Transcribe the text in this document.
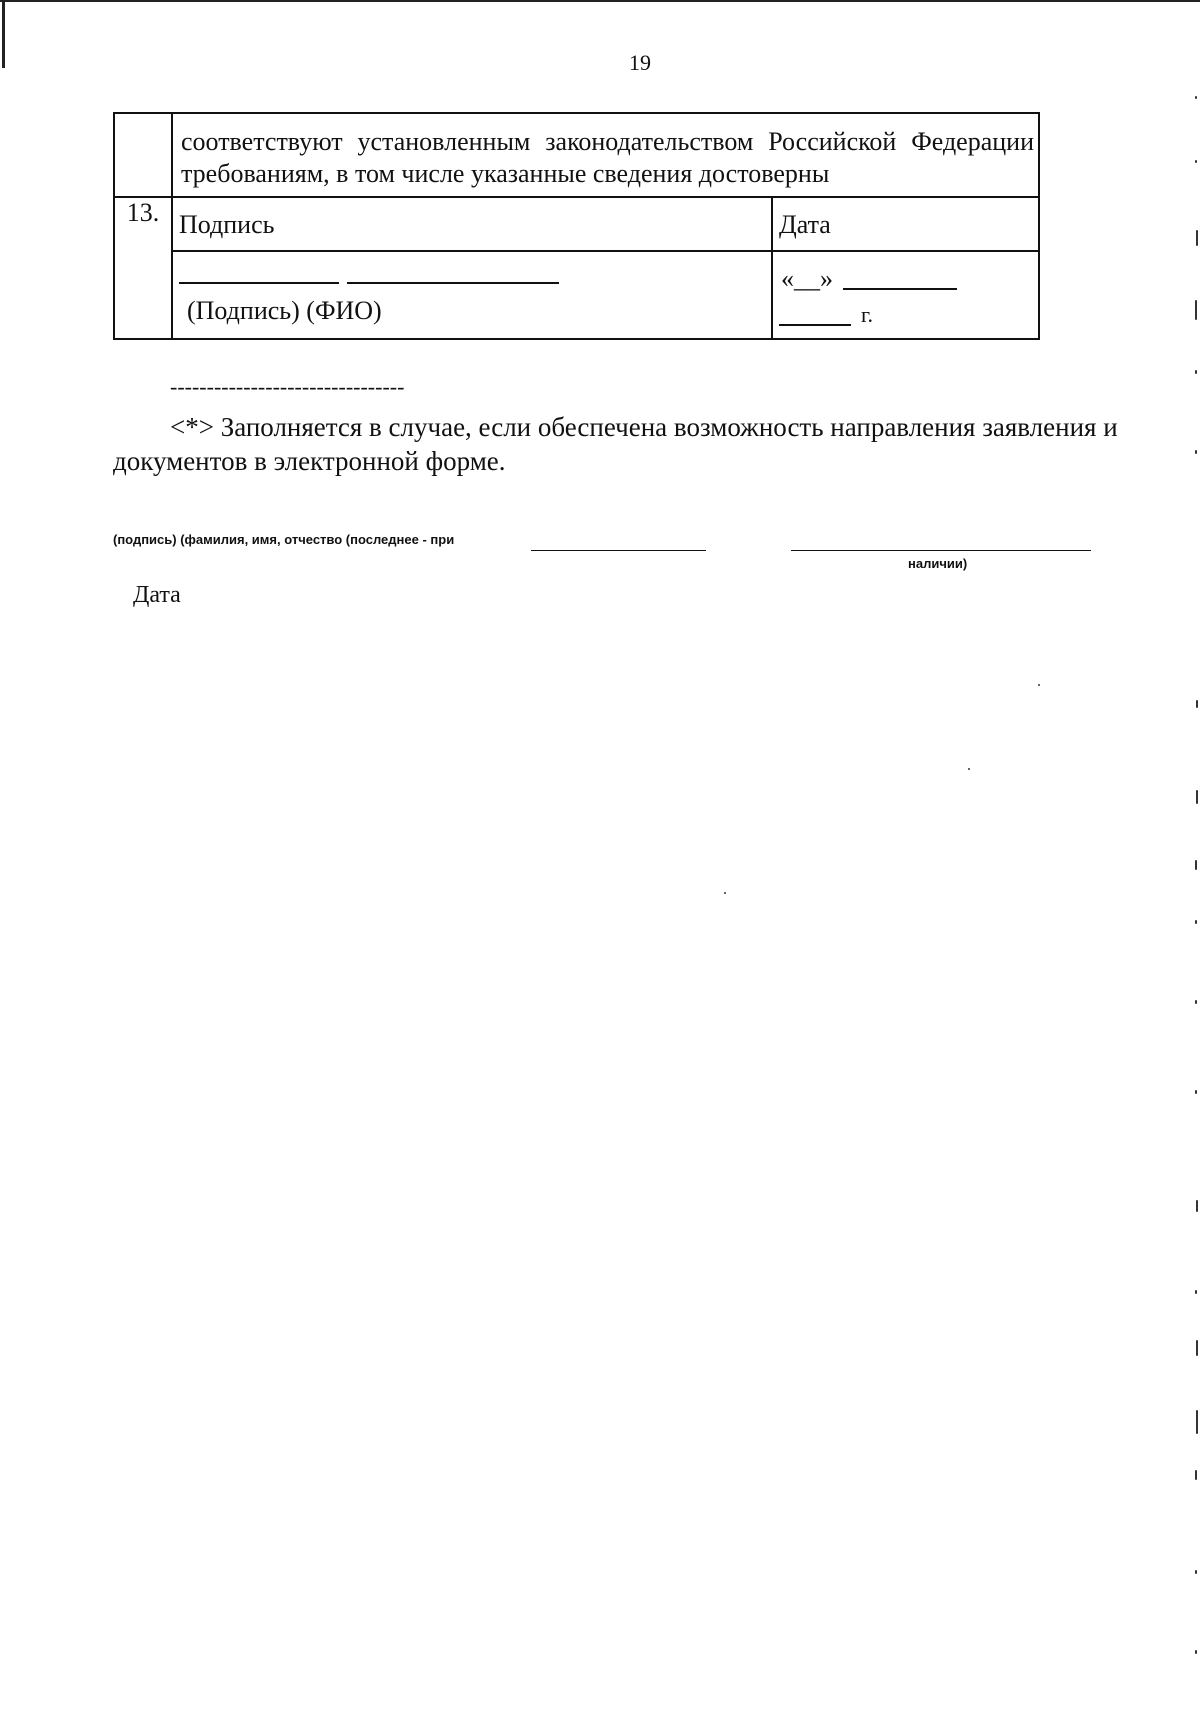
19

	соответствуют установленным законодательством Российской Федерации требованиям, в том числе указанные сведения достоверны	

13.	Подпись	Дата

	(Подпись) (ФИО)	«__»
г.
--------------------------------
<*> Заполняется в случае, если обеспечена возможность направления заявления и документов в электронной форме.
(подпись) (фамилия, имя, отчество (последнее - при
наличии)
Дата
